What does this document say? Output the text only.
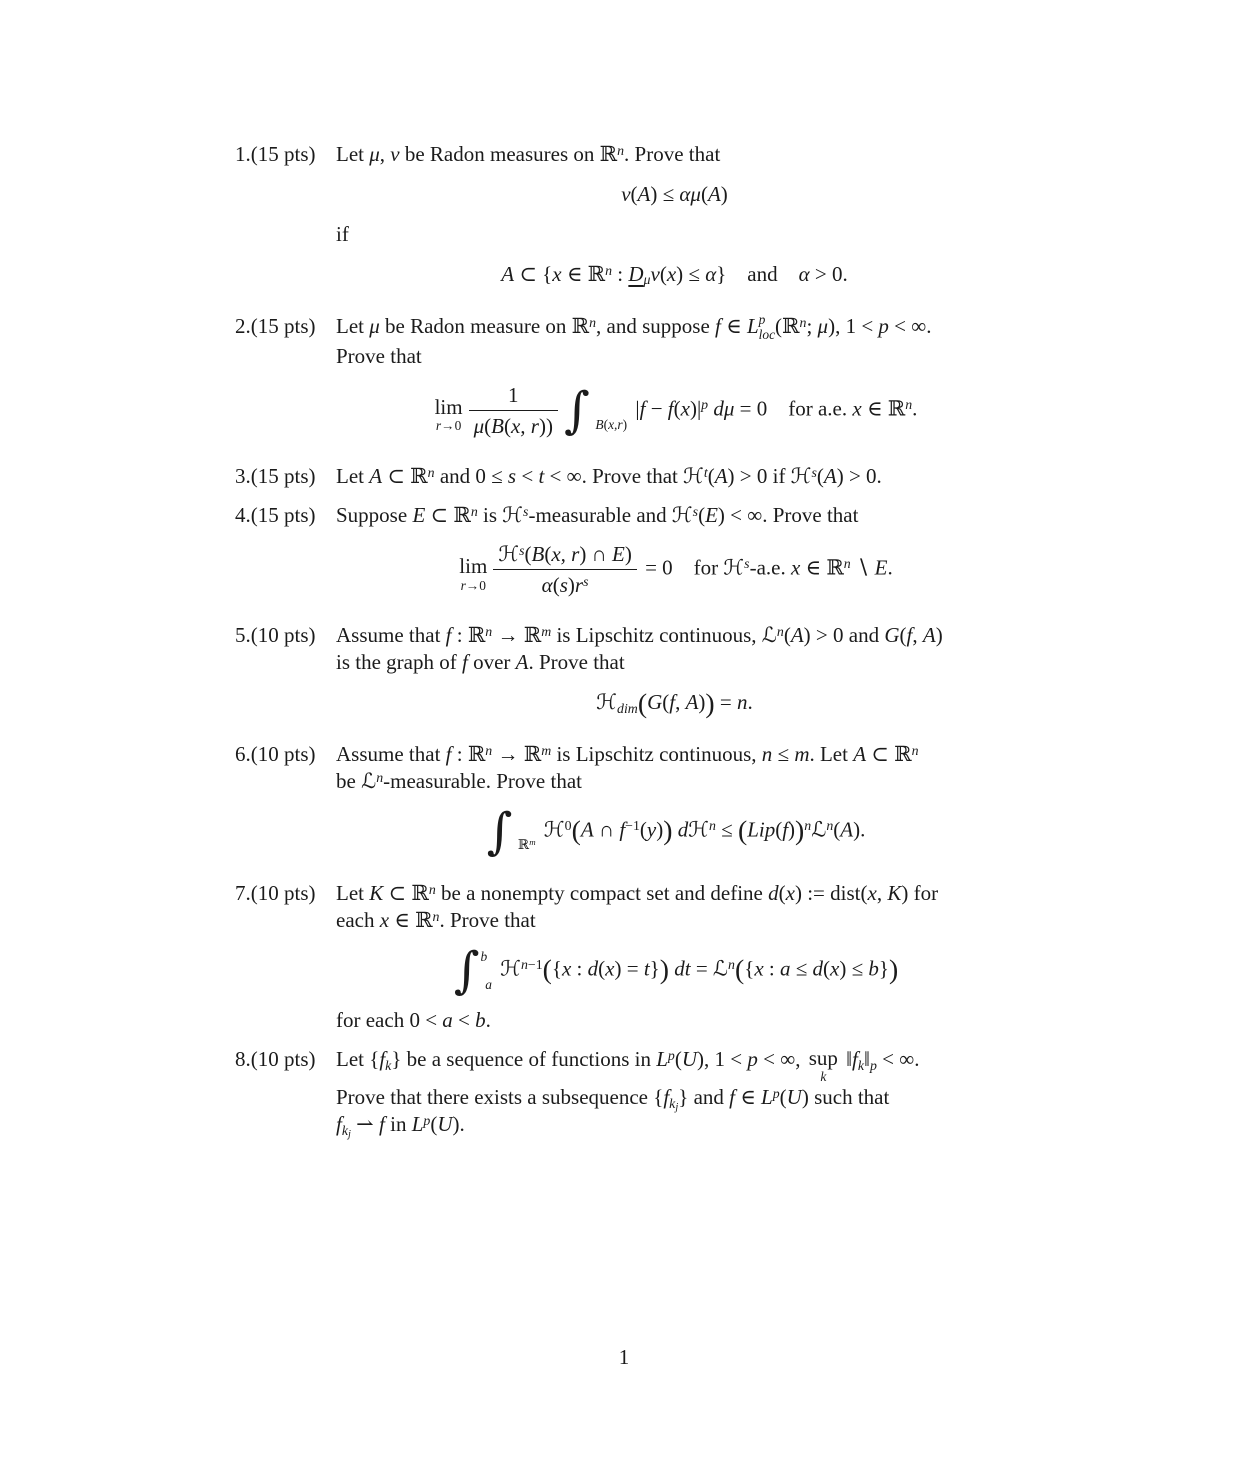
1.(15 pts) Let μ, ν be Radon measures on ℝ$^n$. Prove that
ν(A) ≤ αμ(A)
if
A ⊂ {x ∈ ℝ$^n$ : Dμν(x) ≤ α} and α > 0.
2.(15 pts) Let μ be Radon measure on ℝ$^n$, and suppose f ∈ L p
loc (ℝ$^n$; μ), 1 < p < ∞.
Prove that
lim
$r\to 0 \frac{1}{\mu(B(x, r))}$ ∫ B(x,r)
$|f - f(x)|^p$ dμ = 0 for a.e. x ∈ ℝ$^n$.
3.(15 pts) Let A ⊂ ℝ$^n$ and 0 ≤ s < t < ∞. Prove that ℋ$^t$(A) > 0 if ℋ$^s$(A) > 0.
4.(15 pts) Suppose E ⊂ ℝ$^n$ is ℋ$^s$-measurable and ℋ$^s$(E) < ∞. Prove that
lim
$r\to 0 \frac{ℋ^s(B(x, r) \cap E)}{\alpha(s)r^s} = 0$ for ℋ$^s$-a.e. x ∈ ℝ$^n$ ∖ E.
5.(10 pts) Assume that f : ℝ$^n$ → ℝ$^m$ is Lipschitz continuous, ℒ$^n$(A) > 0 and G(f, A)
is the graph of f over A. Prove that
ℋdim(G(f, A)) = n.
6.(10 pts) Assume that f : ℝ$^n$ → ℝ$^m$ is Lipschitz continuous, n ≤ m. Let A ⊂ ℝ$^n$
be ℒ$^n$-measurable. Prove that
∫ ℝ$^m$
ℋ$^0$(A ∩ $f^{-1}(y)$) dℋ$^n$ ≤ $(Lip(f))^nℒ^n(A)$.
7.(10 pts) Let K ⊂ ℝ$^n$ be a nonempty compact set and define d(x) := dist(x, K) for
each x ∈ ℝ$^n$. Prove that
∫ b
a
ℋ$^{n-1}$({x : d(x) = t}) dt = ℒ$^n$({x : a ≤ d(x) ≤ b})
for each 0 < a < b.
8.(10 pts) Let {fk} be a sequence of functions in $L^p(U)$, 1 < p < ∞, sup
k
‖fk‖p < ∞.
Prove that there exists a subsequence $\{fk_j\}$ and f ∈ $L^p(U)$ such that
$fk_j$ ⇀ f in $L^p(U)$.
1
